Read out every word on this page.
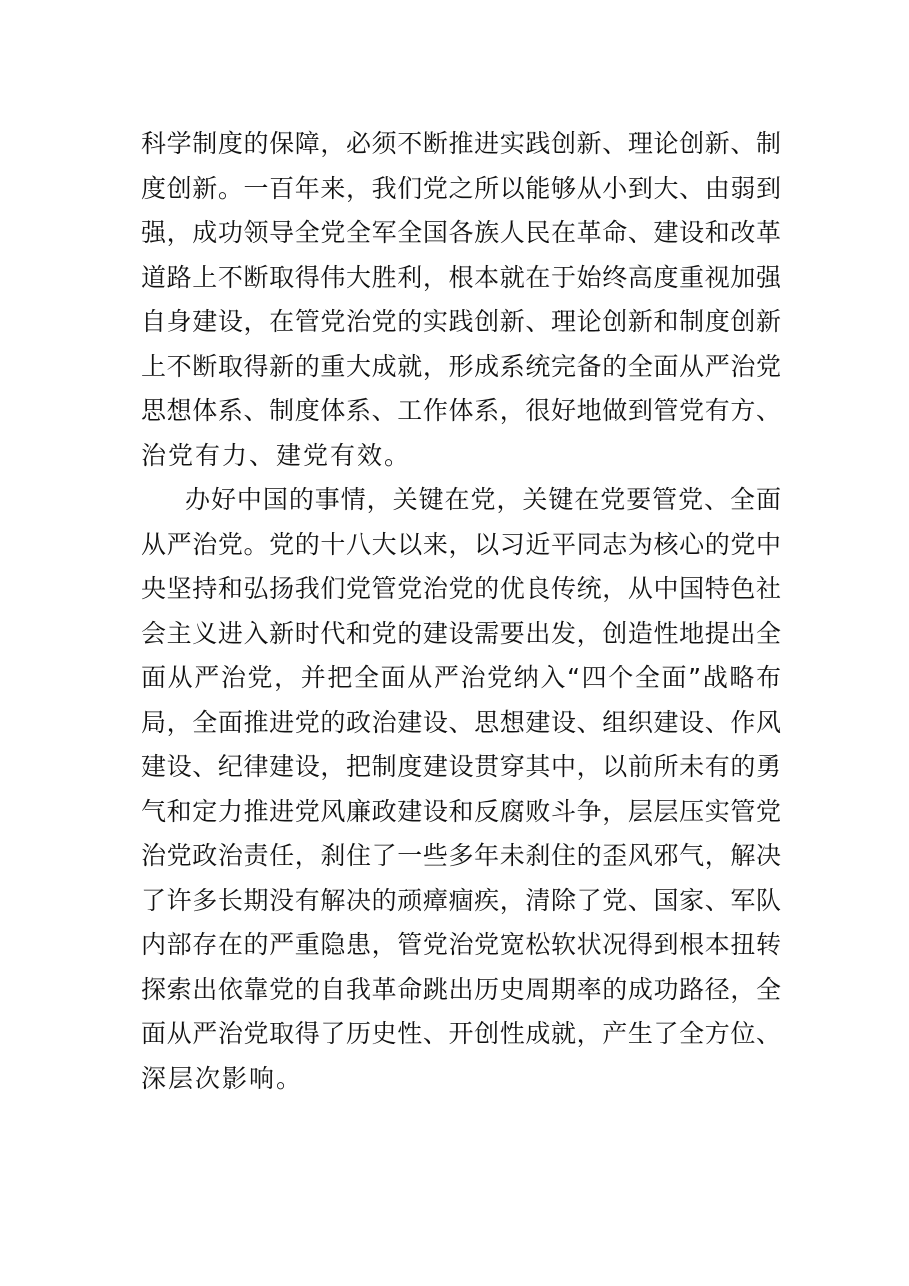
科学制度的保障，必须不断推进实践创新、理论创新、制
度创新。一百年来，我们党之所以能够从小到大、由弱到
强，成功领导全党全军全国各族人民在革命、建设和改革
道路上不断取得伟大胜利，根本就在于始终高度重视加强
自身建设，在管党治党的实践创新、理论创新和制度创新
上不断取得新的重大成就，形成系统完备的全面从严治党
思想体系、制度体系、工作体系，很好地做到管党有方、
治党有力、建党有效。
办好中国的事情，关键在党，关键在党要管党、全面
从严治党。党的十八大以来，以习近平同志为核心的党中
央坚持和弘扬我们党管党治党的优良传统，从中国特色社
会主义进入新时代和党的建设需要出发，创造性地提出全
面从严治党，并把全面从严治党纳入“四个全面”战略布
局，全面推进党的政治建设、思想建设、组织建设、作风
建设、纪律建设，把制度建设贯穿其中，以前所未有的勇
气和定力推进党风廉政建设和反腐败斗争，层层压实管党
治党政治责任，刹住了一些多年未刹住的歪风邪气，解决
了许多长期没有解决的顽瘴痼疾，清除了党、国家、军队
内部存在的严重隐患，管党治党宽松软状况得到根本扭转
探索出依靠党的自我革命跳出历史周期率的成功路径，全
面从严治党取得了历史性、开创性成就，产生了全方位、
深层次影响。
